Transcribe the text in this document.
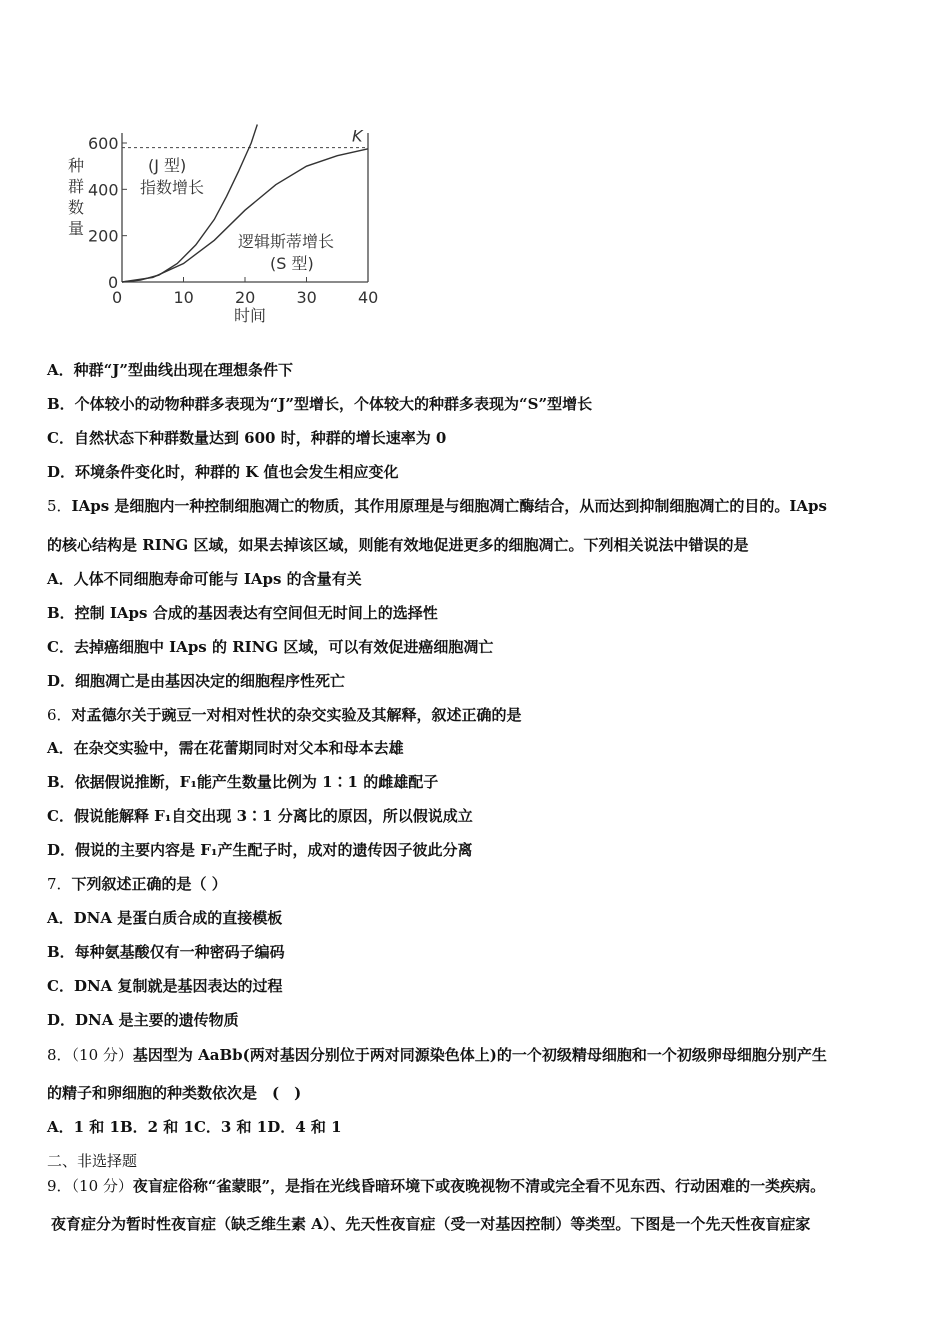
种
群
数
量
0	10	20	30	40
0
200
400
600	K
(J 型)
指数增长
逻辑斯蒂增长
(S 型)
时间
A．种群“J”型曲线出现在理想条件下
B．个体较小的动物种群多表现为“J”型增长，个体较大的种群多表现为“S”型增长
C．自然状态下种群数量达到 600 时，种群的增长速率为 0
D．环境条件变化时，种群的 K 值也会发生相应变化
5．IAps 是细胞内一种控制细胞凋亡的物质，其作用原理是与细胞凋亡酶结合，从而达到抑制细胞凋亡的目的。IAps
的核心结构是 RING 区域，如果去掉该区域，则能有效地促进更多的细胞凋亡。下列相关说法中错误的是
A．人体不同细胞寿命可能与 IAps 的含量有关
B．控制 IAps 合成的基因表达有空间但无时间上的选择性
C．去掉癌细胞中 IAps 的 RING 区域，可以有效促进癌细胞凋亡
D．细胞凋亡是由基因决定的细胞程序性死亡
6．对孟德尔关于豌豆一对相对性状的杂交实验及其解释，叙述正确的是
A．在杂交实验中，需在花蕾期同时对父本和母本去雄
B．依据假说推断，F₁能产生数量比例为 1∶1 的雌雄配子
C．假说能解释 F₁自交出现 3∶1 分离比的原因，所以假说成立
D．假说的主要内容是 F₁产生配子时，成对的遗传因子彼此分离
7．下列叙述正确的是（ ）
A．DNA 是蛋白质合成的直接模板
B．每种氨基酸仅有一种密码子编码
C．DNA 复制就是基因表达的过程
D．DNA 是主要的遗传物质
8．（10 分）基因型为 AaBb(两对基因分别位于两对同源染色体上)的一个初级精母细胞和一个初级卵母细胞分别产生
的精子和卵细胞的种类数依次是　(　)
A．1 和 1B．2 和 1C．3 和 1D．4 和 1
二、非选择题
9．（10 分）夜盲症俗称“雀蒙眼”，是指在光线昏暗环境下或夜晚视物不清或完全看不见东西、行动困难的一类疾病。
夜育症分为暂时性夜盲症（缺乏维生素 A）、先天性夜盲症（受一对基因控制）等类型。下图是一个先天性夜盲症家
